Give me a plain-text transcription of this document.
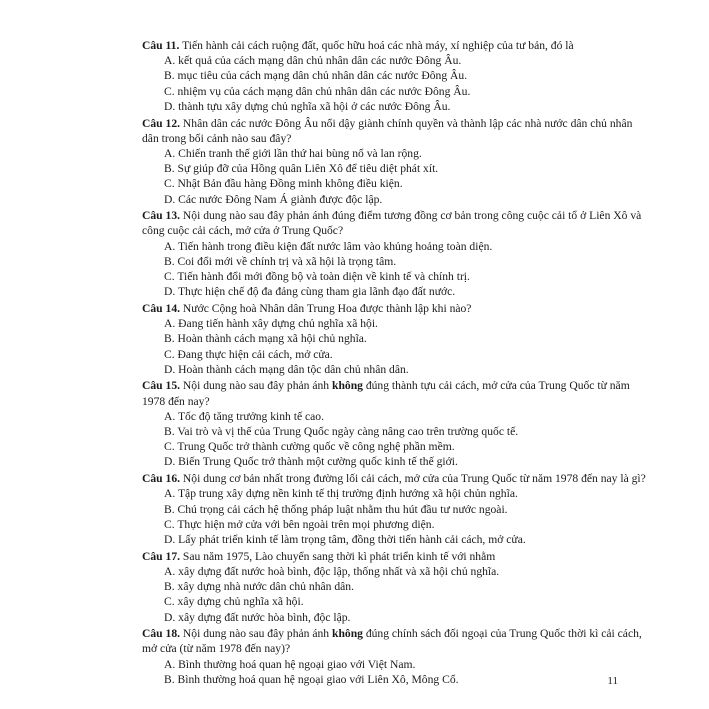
Câu 11. Tiến hành cải cách ruộng đất, quốc hữu hoá các nhà máy, xí nghiệp của tư bản, đó là

A. kết quả của cách mạng dân chủ nhân dân các nước Đông Âu.

B. mục tiêu của cách mạng dân chủ nhân dân các nước Đông Âu.

C. nhiệm vụ của cách mạng dân chủ nhân dân các nước Đông Âu.

D. thành tựu xây dựng chủ nghĩa xã hội ở các nước Đông Âu.

Câu 12. Nhân dân các nước Đông Âu nổi dậy giành chính quyền và thành lập các nhà nước dân chủ nhân dân trong bối cảnh nào sau đây?

A. Chiến tranh thế giới lần thứ hai bùng nổ và lan rộng.

B. Sự giúp đỡ của Hồng quân Liên Xô để tiêu diệt phát xít.

C. Nhật Bản đầu hàng Đồng minh không điều kiện.

D. Các nước Đông Nam Á giành được độc lập.

Câu 13. Nội dung nào sau đây phản ánh đúng điểm tương đồng cơ bản trong công cuộc cải tổ ở Liên Xô và công cuộc cải cách, mở cửa ở Trung Quốc?

A. Tiến hành trong điều kiện đất nước lâm vào khủng hoảng toàn diện.

B. Coi đổi mới về chính trị và xã hội là trọng tâm.

C. Tiến hành đổi mới đồng bộ và toàn diện về kinh tế và chính trị.

D. Thực hiện chế độ đa đảng cùng tham gia lãnh đạo đất nước.

Câu 14. Nước Cộng hoà Nhân dân Trung Hoa được thành lập khi nào?

A. Đang tiến hành xây dựng chủ nghĩa xã hội.

B. Hoàn thành cách mạng xã hội chủ nghĩa.

C. Đang thực hiện cải cách, mở cửa.

D. Hoàn thành cách mạng dân tộc dân chủ nhân dân.

Câu 15. Nội dung nào sau đây phản ánh không đúng thành tựu cải cách, mở cửa của Trung Quốc từ năm 1978 đến nay?

A. Tốc độ tăng trưởng kinh tế cao.

B. Vai trò và vị thế của Trung Quốc ngày càng nâng cao trên trường quốc tế.

C. Trung Quốc trở thành cường quốc về công nghệ phần mềm.

D. Biến Trung Quốc trở thành một cường quốc kinh tế thế giới.

Câu 16. Nội dung cơ bản nhất trong đường lối cải cách, mở cửa của Trung Quốc từ năm 1978 đến nay là gì?

A. Tập trung xây dựng nền kinh tế thị trường định hướng xã hội chủn nghĩa.

B. Chú trọng cải cách hệ thống pháp luật nhằm thu hút đầu tư nước ngoài.

C. Thực hiện mở cửa với bên ngoài trên mọi phương diện.

D. Lấy phát triển kinh tế làm trọng tâm, đồng thời tiến hành cải cách, mở cửa.

Câu 17. Sau năm 1975, Lào chuyển sang thời kì phát triển kinh tế với nhằm

A. xây dựng đất nước hoà bình, độc lập, thống nhất và xã hội chủ nghĩa.

B. xây dựng nhà nước dân chủ nhân dân.

C. xây dựng chủ nghĩa xã hội.

D. xây dựng đất nước hòa bình, độc lập.

Câu 18. Nội dung nào sau đây phản ánh không đúng chính sách đối ngoại của Trung Quốc thời kì cải cách, mở cửa (từ năm 1978 đến nay)?

A. Bình thường hoá quan hệ ngoại giao với Việt Nam.

B. Bình thường hoá quan hệ ngoại giao với Liên Xô, Mông Cổ.	11
